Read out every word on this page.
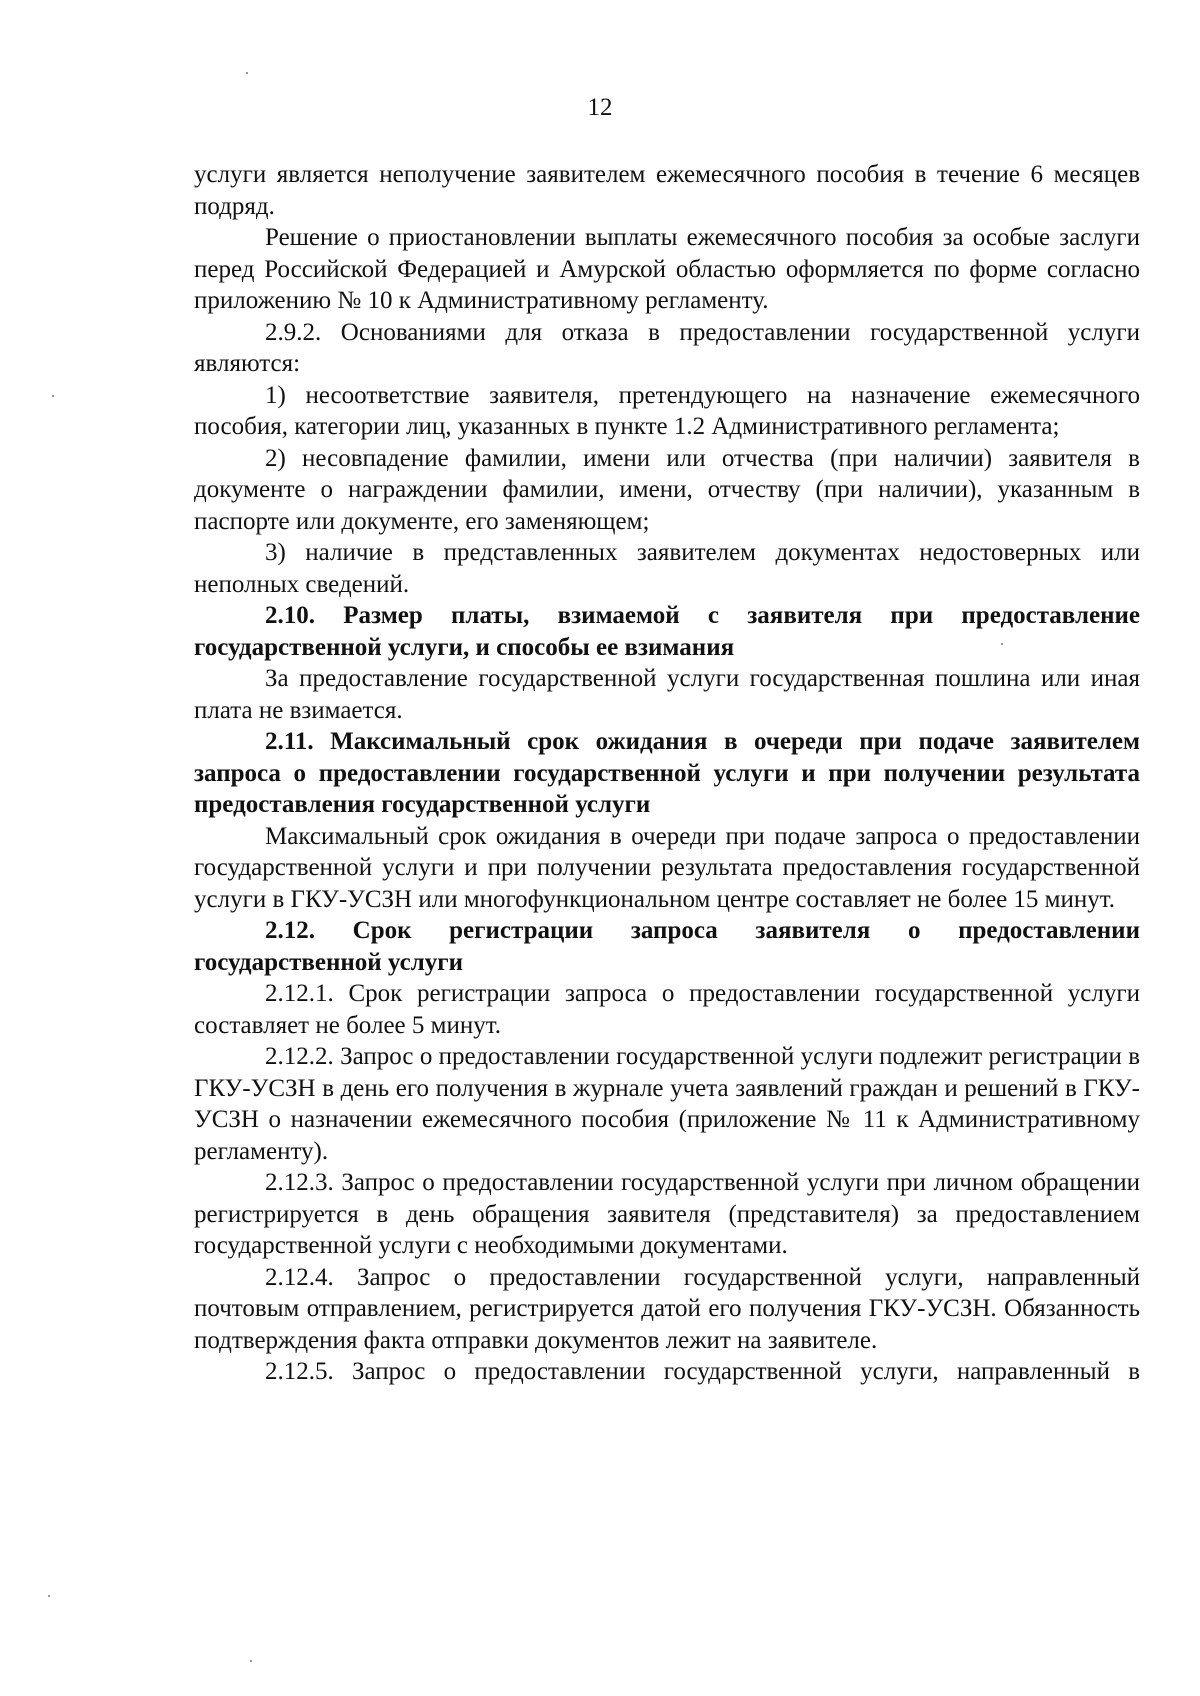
12

услуги является неполучение заявителем ежемесячного пособия в течение 6 месяцев подряд.

Решение о приостановлении выплаты ежемесячного пособия за особые заслуги перед Российской Федерацией и Амурской областью оформляется по форме согласно приложению № 10 к Административному регламенту.

2.9.2. Основаниями для отказа в предоставлении государственной услуги являются:

1) несоответствие заявителя, претендующего на назначение ежемесячного пособия, категории лиц, указанных в пункте 1.2 Административного регламента;

2) несовпадение фамилии, имени или отчества (при наличии) заявителя в документе о награждении фамилии, имени, отчеству (при наличии), указанным в паспорте или документе, его заменяющем;

3) наличие в представленных заявителем документах недостоверных или неполных сведений.

2.10. Размер платы, взимаемой с заявителя при предоставление государственной услуги, и способы ее взимания

За предоставление государственной услуги государственная пошлина или иная плата не взимается.

2.11. Максимальный срок ожидания в очереди при подаче заявителем запроса о предоставлении государственной услуги и при получении результата предоставления государственной услуги

Максимальный срок ожидания в очереди при подаче запроса о предоставлении государственной услуги и при получении результата предоставления государственной услуги в ГКУ-УСЗН или многофункциональном центре составляет не более 15 минут.

2.12. Срок регистрации запроса заявителя о предоставлении государственной услуги

2.12.1. Срок регистрации запроса о предоставлении государственной услуги составляет не более 5 минут.

2.12.2. Запрос о предоставлении государственной услуги подлежит регистрации в ГКУ-УСЗН в день его получения в журнале учета заявлений граждан и решений в ГКУ-УСЗН о назначении ежемесячного пособия (приложение № 11 к Административному регламенту).

2.12.3. Запрос о предоставлении государственной услуги при личном обращении регистрируется в день обращения заявителя (представителя) за предоставлением государственной услуги с необходимыми документами.

2.12.4. Запрос о предоставлении государственной услуги, направленный почтовым отправлением, регистрируется датой его получения ГКУ-УСЗН. Обязанность подтверждения факта отправки документов лежит на заявителе.

2.12.5. Запрос о предоставлении государственной услуги, направленный в
